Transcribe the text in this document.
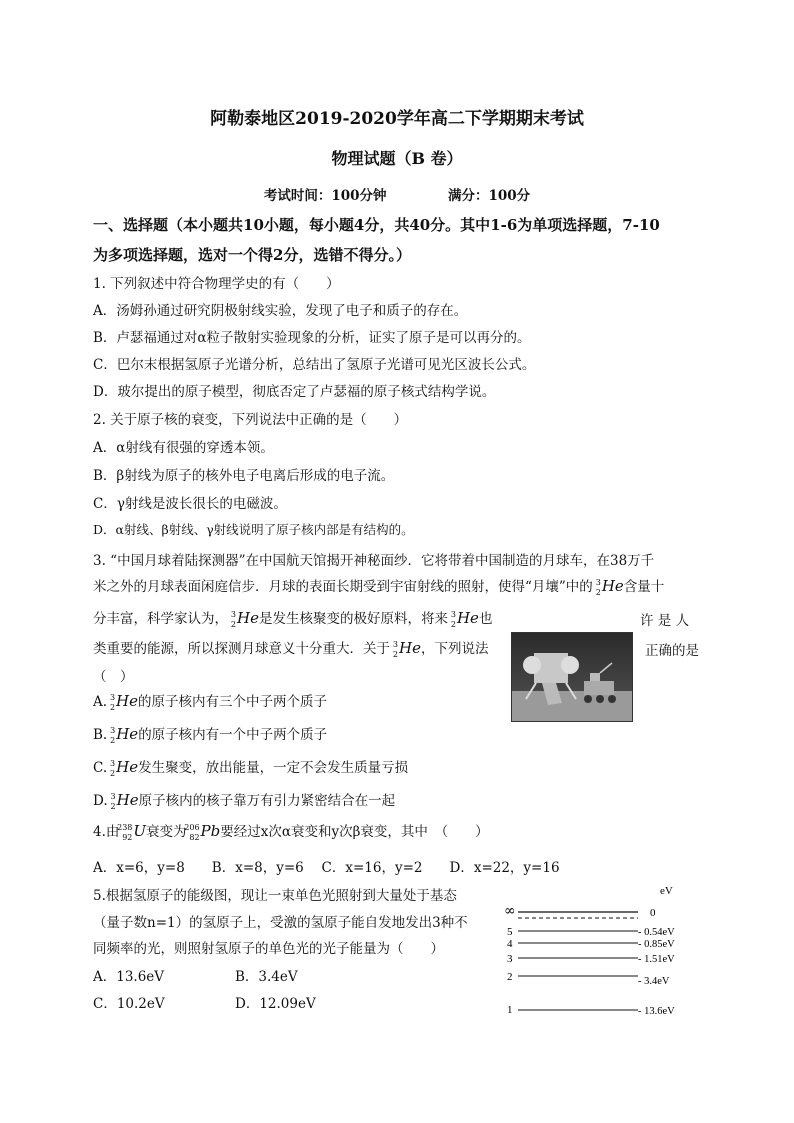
阿勒泰地区2019-2020学年高二下学期期末考试
物理试题（B 卷）
考试时间：100分钟	满分：100分
一、选择题（本小题共10小题，每小题4分，共40分。其中1-6为单项选择题，7-10
为多项选择题，选对一个得2分，选错不得分。）
1. 下列叙述中符合物理学史的有（　　）
A．汤姆孙通过研究阴极射线实验，发现了电子和质子的存在。
B．卢瑟福通过对α粒子散射实验现象的分析，证实了原子是可以再分的。
C．巴尔末根据氢原子光谱分析，总结出了氢原子光谱可见光区波长公式。
D．玻尔提出的原子模型，彻底否定了卢瑟福的原子核式结构学说。
2. 关于原子核的衰变，下列说法中正确的是（　　）
A．α射线有很强的穿透本领。
B．β射线为原子的核外电子电离后形成的电子流。
C．γ射线是波长很长的电磁波。
D．α射线、β射线、γ射线说明了原子核内部是有结构的。
3. “中国月球着陆探测器”在中国航天馆揭开神秘面纱．它将带着中国制造的月球车，在38万千
米之外的月球表面闲庭信步．月球的表面长期受到宇宙射线的照射，使得“月壤”中的 3
2 He含量十
分丰富，科学家认为， 3
2 He是发生核聚变的极好原料，将来 3
2 He也	许 是 人
类重要的能源，所以探测月球意义十分重大．关于 3
2 He，下列说法	正确的是
（　）
A. 3
2 He的原子核内有三个中子两个质子
B. 3
2 He的原子核内有一个中子两个质子
C. 3
2 He发生聚变，放出能量，一定不会发生质量亏损
D. 3
2 He原子核内的核子靠万有引力紧密结合在一起
4.由
238
92 U衰变为
206
82 Pb要经过x次α衰变和y次β衰变，其中　（　　）
A．x=6，y=8　　B．x=8，y=6　 C．x=16，y=2　　D．x=22，y=16
5.根据氢原子的能级图，现让一束单色光照射到大量处于基态
（量子数n=1）的氢原子上，受激的氢原子能自发地发出3种不
同频率的光，则照射氢原子的单色光的光子能量为（　　）
A．13.6eV	B．3.4eV
C．10.2eV	D．12.09eV
eV
∞	0
5	- 0.54eV
4	- 0.85eV
3	- 1.51eV
2	- 3.4eV
1	- 13.6eV
